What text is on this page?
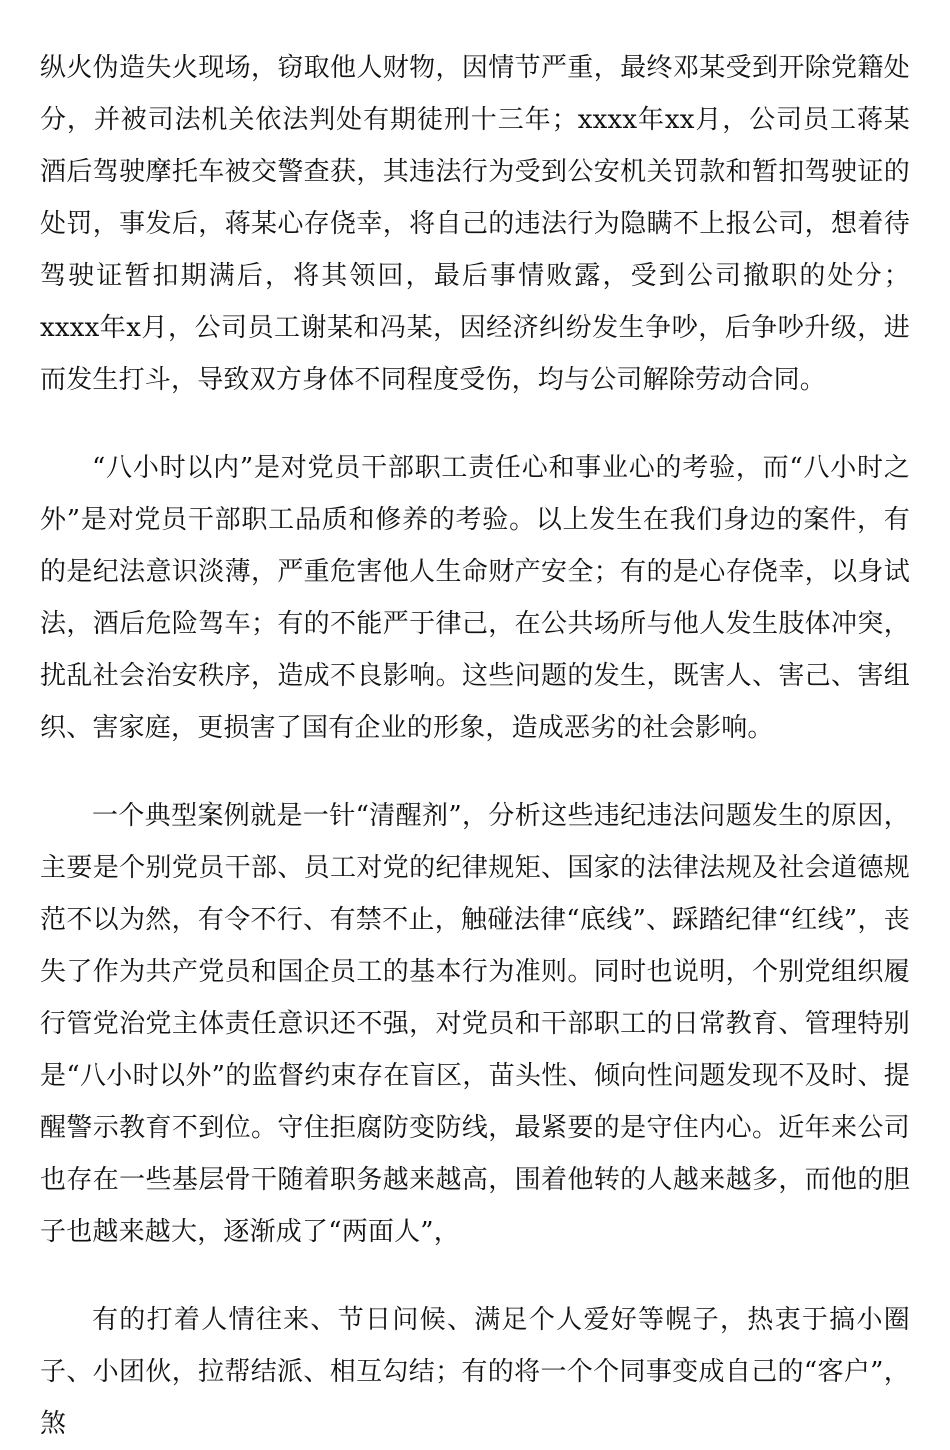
纵火伪造失火现场，窃取他人财物，因情节严重，最终邓某受到开除党籍处分，并被司法机关依法判处有期徒刑十三年；xxxx年xx月，公司员工蒋某酒后驾驶摩托车被交警查获，其违法行为受到公安机关罚款和暂扣驾驶证的处罚，事发后，蒋某心存侥幸，将自己的违法行为隐瞒不上报公司，想着待驾驶证暂扣期满后，将其领回，最后事情败露，受到公司撤职的处分；xxxx年x月，公司员工谢某和冯某，因经济纠纷发生争吵，后争吵升级，进而发生打斗，导致双方身体不同程度受伤，均与公司解除劳动合同。

“八小时以内”是对党员干部职工责任心和事业心的考验，而“八小时之外”是对党员干部职工品质和修养的考验。以上发生在我们身边的案件，有的是纪法意识淡薄，严重危害他人生命财产安全；有的是心存侥幸，以身试法，酒后危险驾车；有的不能严于律己，在公共场所与他人发生肢体冲突，扰乱社会治安秩序，造成不良影响。这些问题的发生，既害人、害己、害组织、害家庭，更损害了国有企业的形象，造成恶劣的社会影响。

一个典型案例就是一针“清醒剂”，分析这些违纪违法问题发生的原因，主要是个别党员干部、员工对党的纪律规矩、国家的法律法规及社会道德规范不以为然，有令不行、有禁不止，触碰法律“底线”、踩踏纪律“红线”，丧失了作为共产党员和国企员工的基本行为准则。同时也说明，个别党组织履行管党治党主体责任意识还不强，对党员和干部职工的日常教育、管理特别是“八小时以外”的监督约束存在盲区，苗头性、倾向性问题发现不及时、提醒警示教育不到位。守住拒腐防变防线，最紧要的是守住内心。近年来公司也存在一些基层骨干随着职务越来越高，围着他转的人越来越多，而他的胆子也越来越大，逐渐成了“两面人”，

有的打着人情往来、节日问候、满足个人爱好等幌子，热衷于搞小圈子、小团伙，拉帮结派、相互勾结；有的将一个个同事变成自己的“客户”，煞
